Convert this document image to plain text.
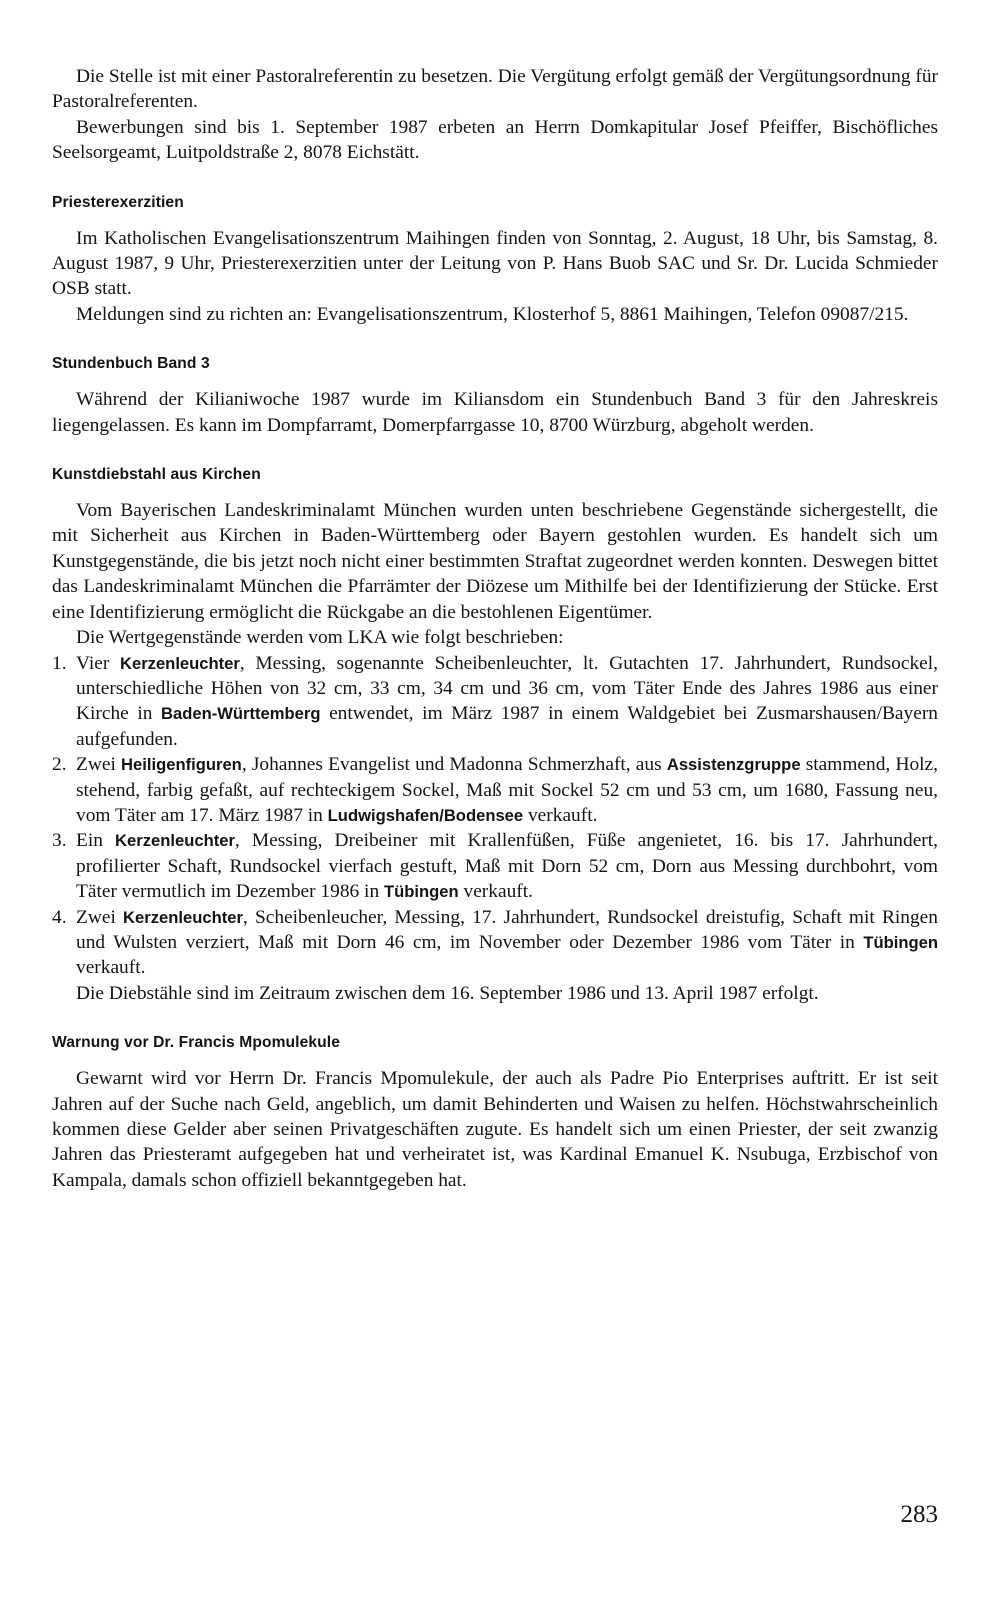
Die Stelle ist mit einer Pastoralreferentin zu besetzen. Die Vergütung erfolgt gemäß der Vergütungsordnung für Pastoralreferenten.

Bewerbungen sind bis 1. September 1987 erbeten an Herrn Domkapitular Josef Pfeiffer, Bischöfliches Seelsorgeamt, Luitpoldstraße 2, 8078 Eichstätt.

Priesterexerzitien

Im Katholischen Evangelisationszentrum Maihingen finden von Sonntag, 2. August, 18 Uhr, bis Samstag, 8. August 1987, 9 Uhr, Priesterexerzitien unter der Leitung von P. Hans Buob SAC und Sr. Dr. Lucida Schmieder OSB statt.

Meldungen sind zu richten an: Evangelisationszentrum, Klosterhof 5, 8861 Maihingen, Telefon 09087/215.

Stundenbuch Band 3

Während der Kilianiwoche 1987 wurde im Kiliansdom ein Stundenbuch Band 3 für den Jahreskreis liegengelassen. Es kann im Dompfarramt, Domerpfarrgasse 10, 8700 Würzburg, abgeholt werden.

Kunstdiebstahl aus Kirchen

Vom Bayerischen Landeskriminalamt München wurden unten beschriebene Gegenstände sichergestellt, die mit Sicherheit aus Kirchen in Baden-Württemberg oder Bayern gestohlen wurden. Es handelt sich um Kunstgegenstände, die bis jetzt noch nicht einer bestimmten Straftat zugeordnet werden konnten. Deswegen bittet das Landeskriminalamt München die Pfarrämter der Diözese um Mithilfe bei der Identifizierung der Stücke. Erst eine Identifizierung ermöglicht die Rückgabe an die bestohlenen Eigentümer.

Die Wertgegenstände werden vom LKA wie folgt beschrieben:

1. Vier Kerzenleuchter, Messing, sogenannte Scheibenleuchter, lt. Gutachten 17. Jahrhundert, Rundsockel, unterschiedliche Höhen von 32 cm, 33 cm, 34 cm und 36 cm, vom Täter Ende des Jahres 1986 aus einer Kirche in Baden-Württemberg entwendet, im März 1987 in einem Waldgebiet bei Zusmarshausen/Bayern aufgefunden.
2. Zwei Heiligenfiguren, Johannes Evangelist und Madonna Schmerzhaft, aus Assistenzgruppe stammend, Holz, stehend, farbig gefaßt, auf rechteckigem Sockel, Maß mit Sockel 52 cm und 53 cm, um 1680, Fassung neu, vom Täter am 17. März 1987 in Ludwigshafen/Bodensee verkauft.
3. Ein Kerzenleuchter, Messing, Dreibeiner mit Krallenfüßen, Füße angenietet, 16. bis 17. Jahrhundert, profilierter Schaft, Rundsockel vierfach gestuft, Maß mit Dorn 52 cm, Dorn aus Messing durchbohrt, vom Täter vermutlich im Dezember 1986 in Tübingen verkauft.
4. Zwei Kerzenleuchter, Scheibenleucher, Messing, 17. Jahrhundert, Rundsockel dreistufig, Schaft mit Ringen und Wulsten verziert, Maß mit Dorn 46 cm, im November oder Dezember 1986 vom Täter in Tübingen verkauft.

Die Diebstähle sind im Zeitraum zwischen dem 16. September 1986 und 13. April 1987 erfolgt.

Warnung vor Dr. Francis Mpomulekule

Gewarnt wird vor Herrn Dr. Francis Mpomulekule, der auch als Padre Pio Enterprises auftritt. Er ist seit Jahren auf der Suche nach Geld, angeblich, um damit Behinderten und Waisen zu helfen. Höchstwahrscheinlich kommen diese Gelder aber seinen Privatgeschäften zugute. Es handelt sich um einen Priester, der seit zwanzig Jahren das Priesteramt aufgegeben hat und verheiratet ist, was Kardinal Emanuel K. Nsubuga, Erzbischof von Kampala, damals schon offiziell bekanntgegeben hat.

283
